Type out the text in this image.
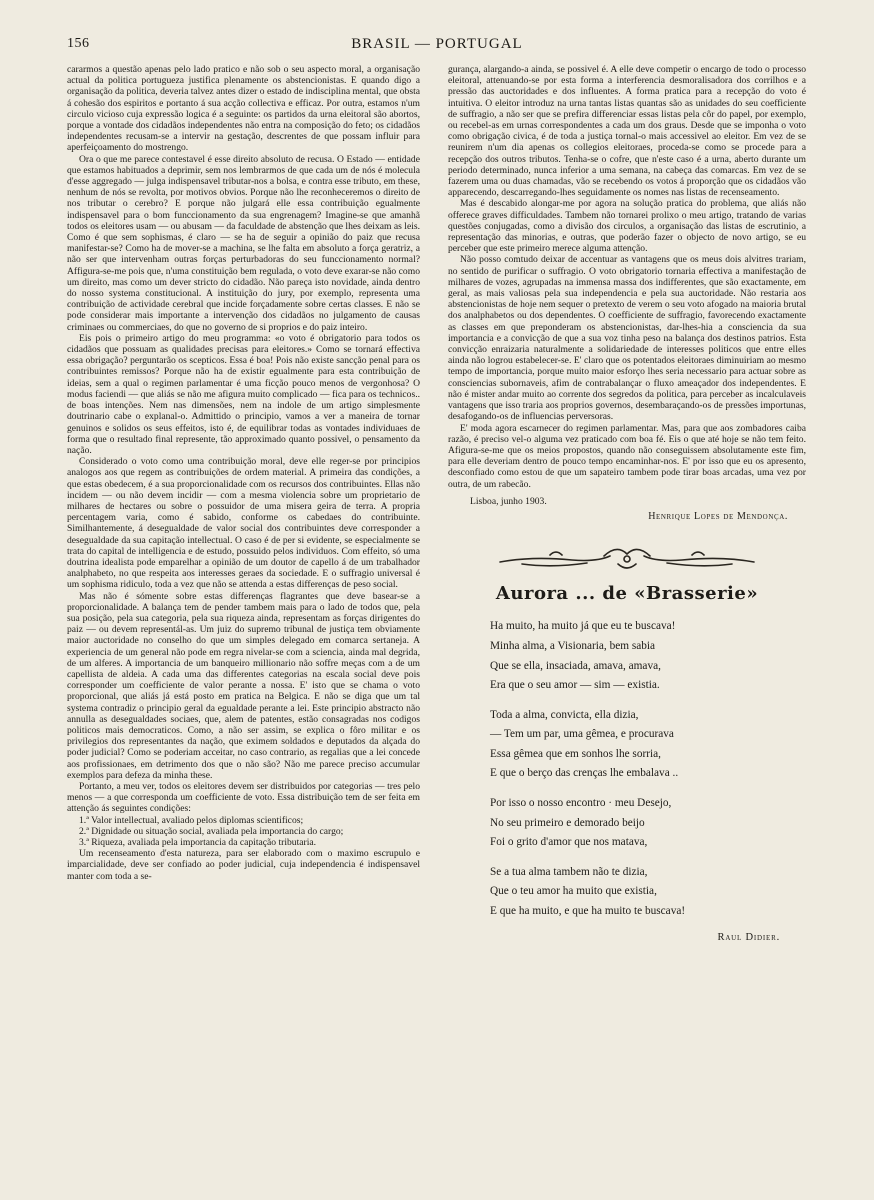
156	BRASIL — PORTUGAL

cararmos a questão apenas pelo lado pratico e não sob o seu aspecto moral, a organisação actual da politica portugueza justifica plenamente os abstencionistas. E quando digo a organisação da politica, deveria talvez antes dizer o estado de indisciplina mental, que obsta á cohesão dos espiritos e portanto á sua acção collectiva e efficaz. Por outra, estamos n'um circulo vicioso cuja expressão logica é a seguinte: os partidos da urna eleitoral são abortos, porque a vontade dos cidadãos independentes não entra na composição do feto; os cidadãos independentes recusam-se a intervir na gestação, descrentes de que possam influir para aperfeiçoamento do mostrengo.

Ora o que me parece contestavel é esse direito absoluto de recusa. O Estado — entidade que estamos habituados a deprimir, sem nos lembrarmos de que cada um de nós é molecula d'esse aggregado — julga indispensavel tributar-nos a bolsa, e contra esse tributo, em these, nenhum de nós se revolta, por motivos obvios. Porque não lhe reconheceremos o direito de nos tributar o cerebro? E porque não julgará elle essa contribuição egualmente indispensavel para o bom funccionamento da sua engrenagem? Imagine-se que amanhã todos os eleitores usam — ou abusam — da faculdade de abstenção que lhes deixam as leis. Como é que sem sophismas, é claro — se ha de seguir a opinião do paiz que recusa manifestar-se? Como ha de mover-se a machina, se lhe falta em absoluto a força geratriz, a não ser que intervenham outras forças perturbadoras do seu funccionamento normal? Affigura-se-me pois que, n'uma constituição bem regulada, o voto deve exarar-se não como um direito, mas como um dever stricto do cidadão. Não pareça isto novidade, ainda dentro do nosso systema constitucional. A instituição do jury, por exemplo, representa uma contribuição de actividade cerebral que incide forçadamente sobre certas classes. E não se pode considerar mais importante a intervenção dos cidadãos no julgamento de causas criminaes ou commerciaes, do que no governo de si proprios e do paiz inteiro.

Eis pois o primeiro artigo do meu programma: «o voto é obrigatorio para todos os cidadãos que possuam as qualidades precisas para eleitores.» Como se tornará effectiva essa obrigação? perguntarão os scepticos. Essa é boa! Pois não existe sancção penal para os contribuintes remissos? Porque não ha de existir egualmente para esta contribuição de ideias, sem a qual o regimen parlamentar é uma ficção pouco menos de vergonhosa? O modus faciendi — que aliás se não me afigura muito complicado — fica para os technicos.. de boas intenções. Nem nas dimensões, nem na indole de um artigo simplesmente doutrinario cabe o explanal-o. Admittido o principio, vamos a ver a maneira de tornar genuinos e solidos os seus effeitos, isto é, de equilibrar todas as vontades individuaes de forma que o resultado final represente, tão approximado quanto possivel, o pensamento da nação.

Considerado o voto como uma contribuição moral, deve elle reger-se por principios analogos aos que regem as contribuições de ordem material. A primeira das condições, a que estas obedecem, é a sua proporcionalidade com os recursos dos contribuintes. Ellas não incidem — ou não devem incidir — com a mesma violencia sobre um proprietario de milhares de hectares ou sobre o possuidor de uma misera geira de terra. A propria percentagem varia, como é sabido, conforme os cabedaes do contribuinte. Similhantemente, á desegualdade de valor social dos contribuintes deve corresponder a desegualdade da sua capitação intellectual. O caso é de per si evidente, se especialmente se trata do capital de intelligencia e de estudo, possuido pelos individuos. Com effeito, só uma doutrina idealista pode emparelhar a opinião de um doutor de capello á de um trabalhador analphabeto, no que respeita aos interesses geraes da sociedade. E o suffragio universal é um sophisma ridiculo, toda a vez que não se attenda a estas differenças de peso social.

Mas não é sómente sobre estas differenças flagrantes que deve basear-se a proporcionalidade. A balança tem de pender tambem mais para o lado de todos que, pela sua posição, pela sua categoria, pela sua riqueza ainda, representam as forças dirigentes do paiz — ou devem representál-as. Um juiz do supremo tribunal de justiça tem obviamente maior auctoridade no conselho do que um simples delegado em comarca sertaneja. A experiencia de um general não pode em regra nivelar-se com a sciencia, ainda mal degrida, de um alferes. A importancia de um banqueiro millionario não soffre meças com a de um capellista de aldeia. A cada uma das differentes categorias na escala social deve pois corresponder um coefficiente de valor perante a nossa. E' isto que se chama o voto proporcional, que aliás já está posto em pratica na Belgica. E não se diga que um tal systema contradiz o principio geral da egualdade perante a lei. Este principio abstracto não annulla as desegualdades sociaes, que, alem de patentes, estão consagradas nos codigos politicos mais democraticos. Como, a não ser assim, se explica o fôro militar e os privilegios dos representantes da nação, que eximem soldados e deputados da alçada do poder judicial? Como se poderiam acceitar, no caso contrario, as regalias que a lei concede aos profissionaes, em detrimento dos que o não são? Não me parece preciso accumular exemplos para defeza da minha these.

Portanto, a meu ver, todos os eleitores devem ser distribuidos por categorias — tres pelo menos — a que corresponda um coefficiente de voto. Essa distribuição tem de ser feita em attenção ás seguintes condições:

1.ª Valor intellectual, avaliado pelos diplomas scientificos;

2.ª Dignidade ou situação social, avaliada pela importancia do cargo;

3.ª Riqueza, avaliada pela importancia da capitação tributaria.

Um recenseamento d'esta natureza, para ser elaborado com o maximo escrupulo e imparcialidade, deve ser confiado ao poder judicial, cuja independencia é indispensavel manter com toda a se-

gurança, alargando-a ainda, se possivel é. A elle deve competir o encargo de todo o processo eleitoral, attenuando-se por esta forma a interferencia desmoralisadora dos corrilhos e a pressão das auctoridades e dos influentes. A forma pratica para a recepção do voto é intuitiva. O eleitor introduz na urna tantas listas quantas são as unidades do seu coefficiente de suffragio, a não ser que se prefira differenciar essas listas pela côr do papel, por exemplo, ou recebel-as em urnas correspondentes a cada um dos graus. Desde que se imponha o voto como obrigação civica, é de toda a justiça tornal-o mais accessivel ao eleitor. Em vez de se reunirem n'um dia apenas os collegios eleitoraes, proceda-se como se procede para a recepção dos outros tributos. Tenha-se o cofre, que n'este caso é a urna, aberto durante um periodo determinado, nunca inferior a uma semana, na cabeça das comarcas. Em vez de se fazerem uma ou duas chamadas, vão se recebendo os votos á proporção que os cidadãos vão apparecendo, descarregando-lhes seguidamente os nomes nas listas de recenseamento.

Mas é descabido alongar-me por agora na solução pratica do problema, que aliás não offerece graves difficuldades. Tambem não tornarei prolixo o meu artigo, tratando de varias questões conjugadas, como a divisão dos circulos, a organisação das listas de escrutinio, a representação das minorias, e outras, que poderão fazer o objecto de novo artigo, se eu perceber que este primeiro merece alguma attenção.

Não posso comtudo deixar de accentuar as vantagens que os meus dois alvitres trariam, no sentido de purificar o suffragio. O voto obrigatorio tornaria effectiva a manifestação de milhares de vozes, agrupadas na immensa massa dos indifferentes, que são exactamente, em geral, as mais valiosas pela sua independencia e pela sua auctoridade. Não restaria aos abstencionistas de hoje nem sequer o pretexto de verem o seu voto afogado na maioria brutal dos analphabetos ou dos dependentes. O coefficiente de suffragio, favorecendo exactamente as classes em que preponderam os abstencionistas, dar-lhes-hia a consciencia da sua importancia e a convicção de que a sua voz tinha peso na balança dos destinos patrios. Esta convicção enraizaria naturalmente a solidariedade de interesses politicos que entre elles ainda não logrou estabelecer-se. E' claro que os potentados eleitoraes diminuiriam ao mesmo tempo de importancia, porque muito maior esforço lhes seria necessario para actuar sobre as consciencias subornaveis, afim de contrabalançar o fluxo ameaçador dos independentes. E não é mister andar muito ao corrente dos segredos da politica, para perceber as incalculaveis vantagens que isso traria aos proprios governos, desembaraçando-os de pressões importunas, desafogando-os de influencias perversoras.

E' moda agora escarnecer do regimen parlamentar. Mas, para que aos zombadores caiba razão, é preciso vel-o alguma vez praticado com boa fé. Eis o que até hoje se não tem feito. Afigura-se-me que os meios propostos, quando não conseguissem absolutamente este fim, para elle deveriam dentro de pouco tempo encaminhar-nos. E' por isso que eu os apresento, desconfiado como estou de que um sapateiro tambem pode tirar boas arcadas, uma vez por outra, de um rabecão.

Lisboa, junho 1903.
Henrique Lopes de Mendonça.
Aurora ... de «Brasserie»
Ha muito, ha muito já que eu te buscava!
Minha alma, a Visionaria, bem sabia
Que se ella, insaciada, amava, amava,
Era que o seu amor — sim — existia.
Toda a alma, convicta, ella dizia,
— Tem um par, uma gêmea, e procurava
Essa gêmea que em sonhos lhe sorria,
E que o berço das crenças lhe embalava ..
Por isso o nosso encontro · meu Desejo,
No seu primeiro e demorado beijo
Foi o grito d'amor que nos matava,
Se a tua alma tambem não te dizia,
Que o teu amor ha muito que existia,
E que ha muito, e que ha muito te buscava!
Raul Didier.
